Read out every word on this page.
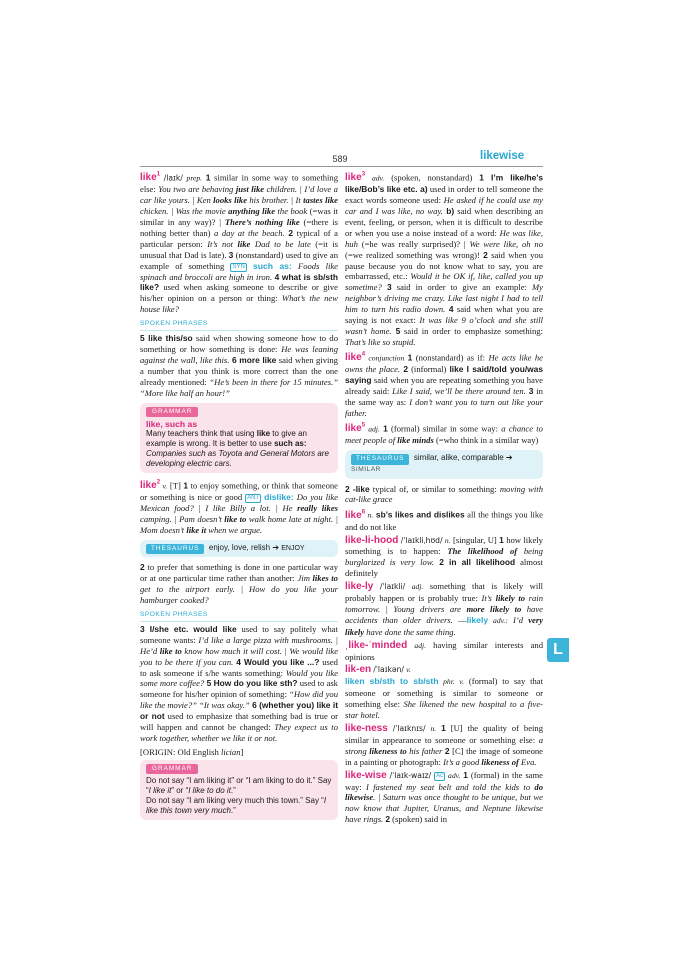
589	likewise
L

like$^1$ /laɪk/ prep. 1 similar in some way to something else: You two are behaving just like children. | I’d love a car like yours. | Ken looks like his brother. | It tastes like chicken. | Was the movie anything like the book (=was it similar in any way)? | There’s nothing like (=there is nothing better than) a day at the beach. 2 typical of a particular person: It’s not like Dad to be late (=it is unusual that Dad is late). 3 (nonstandard) used to give an example of something SYN such as: Foods like spinach and broccoli are high in iron. 4 what is sb/sth like? used when asking someone to describe or give his/her opinion on a person or thing: What’s the new house like?

SPOKEN PHRASES

5 like this/so said when showing someone how to do something or how something is done: He was leaning against the wall, like this. 6 more like said when giving a number that you think is more correct than the one already mentioned: “He’s been in there for 15 minutes.” “More like half an hour!”

GRAMMAR
like, such as
Many teachers think that using like to give an example is wrong. It is better to use such as: Companies such as Toyota and General Motors are developing electric cars.

like$^2$ v. [T] 1 to enjoy something, or think that someone or something is nice or good ANT dislike: Do you like Mexican food? | I like Billy a lot. | He really likes camping. | Pam doesn’t like to walk home late at night. | Mom doesn’t like it when we argue.

THESAURUS enjoy, love, relish ➔ ENJOY

2 to prefer that something is done in one particular way or at one particular time rather than another: Jim likes to get to the airport early. | How do you like your hamburger cooked?

SPOKEN PHRASES

3 I/she etc. would like used to say politely what someone wants: I’d like a large pizza with mushrooms. | He’d like to know how much it will cost. | We would like you to be there if you can. 4 Would you like ...? used to ask someone if s/he wants something: Would you like some more coffee? 5 How do you like sth? used to ask someone for his/her opinion of something: “How did you like the movie?” “It was okay.” 6 (whether you) like it or not used to emphasize that something bad is true or will happen and cannot be changed: They expect us to work together, whether we like it or not.

[ORIGIN: Old English lician]

GRAMMAR
Do not say “I am liking it” or “I am liking to do it.” Say “I like it” or “I like to do it.”
Do not say “I am liking very much this town.” Say “I like this town very much.”

like$^3$ adv. (spoken, nonstandard) 1 I’m like/he’s like/Bob’s like etc. a) used in order to tell someone the exact words someone used: He asked if he could use my car and I was like, no way. b) said when describing an event, feeling, or person, when it is difficult to describe or when you use a noise instead of a word: He was like, huh (=he was really surprised)? | We were like, oh no (=we realized something was wrong)! 2 said when you pause because you do not know what to say, you are embarrassed, etc.: Would it be OK if, like, called you up sometime? 3 said in order to give an example: My neighbor’s driving me crazy. Like last night I had to tell him to turn his radio down. 4 said when what you are saying is not exact: It was like 9 o’clock and she still wasn’t home. 5 said in order to emphasize something: That’s like so stupid.

like$^4$ conjunction 1 (nonstandard) as if: He acts like he owns the place. 2 (informal) like I said/told you/was saying said when you are repeating something you have already said: Like I said, we’ll be there around ten. 3 in the same way as: I don’t want you to turn out like your father.

like$^5$ adj. 1 (formal) similar in some way: a chance to meet people of like minds (=who think in a similar way)

THESAURUS similar, alike, comparable ➔
SIMILAR

2 -like typical of, or similar to something: moving with cat-like grace

like$^6$ n. sb’s likes and dislikes all the things you like and do not like

like-li-hood /ˈlaɪkliˌhʊd/ n. [singular, U] 1 how likely something is to happen: The likelihood of being burglarized is very low. 2 in all likelihood almost definitely

like-ly /ˈlaɪkli/ adj. something that is likely will probably happen or is probably true: It’s likely to rain tomorrow. | Young drivers are more likely to have accidents than older drivers. —likely adv.: I’d very likely have done the same thing.

ˌlike-ˈminded adj. having similar interests and opinions

lik-en /ˈlaɪkən/ v.
liken sb/sth to sb/sth phr. v. (formal) to say that someone or something is similar to someone or something else: She likened the new hospital to a five-star hotel.

like-ness /ˈlaɪknɪs/ n. 1 [U] the quality of being similar in appearance to someone or something else: a strong likeness to his father 2 [C] the image of someone in a painting or photograph: It’s a good likeness of Eva.

like-wise /ˈlaɪk-waɪz/ Ac adv. 1 (formal) in the same way: I fastened my seat belt and told the kids to do likewise. | Saturn was once thought to be unique, but we now know that Jupiter, Uranus, and Neptune likewise have rings. 2 (spoken) said in
